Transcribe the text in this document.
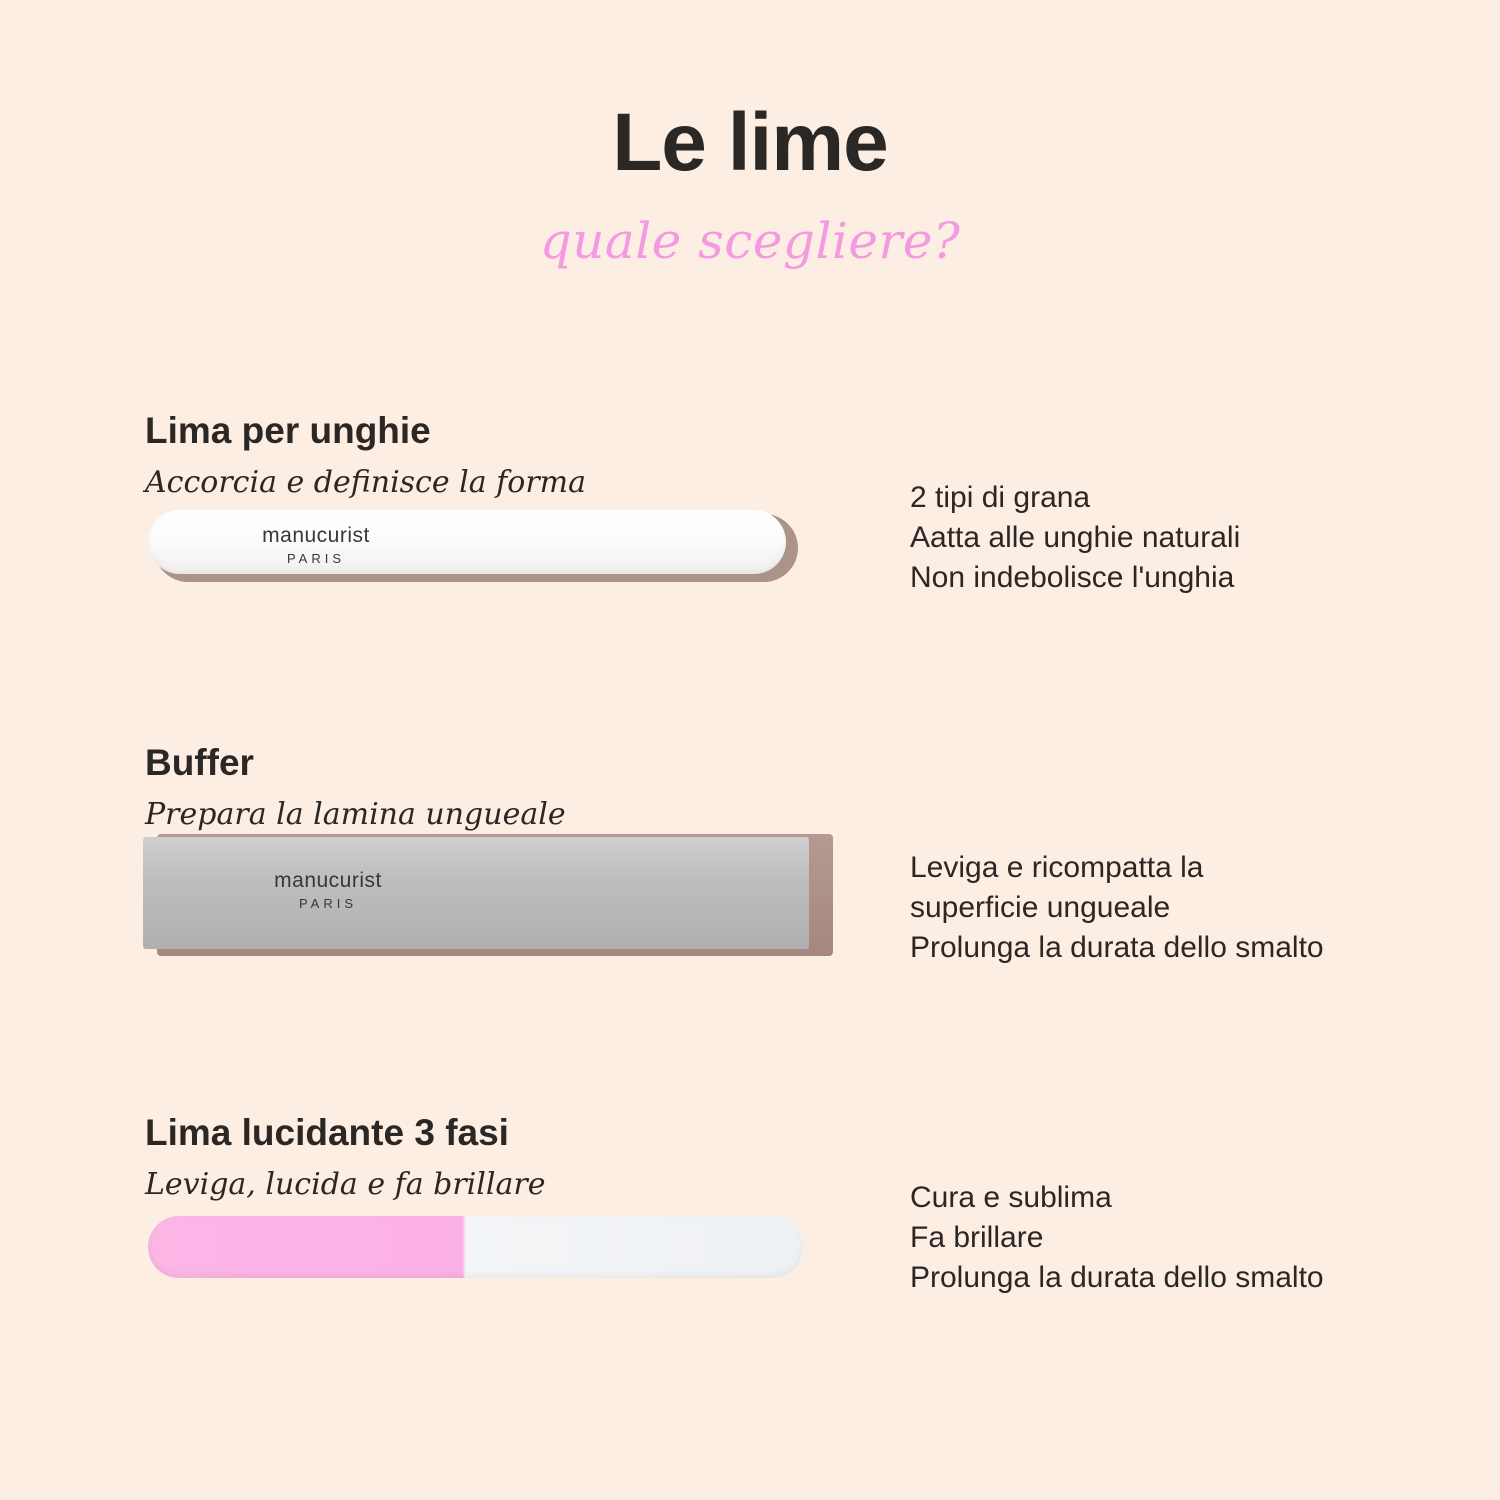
Le lime
quale scegliere?
Lima per unghie
Accorcia e definisce la forma
manucurist
PARIS
2 tipi di grana
Aatta alle unghie naturali
Non indebolisce l'unghia
Buffer
Prepara la lamina ungueale
manucurist
PARIS
Leviga e ricompatta la
superficie ungueale
Prolunga la durata dello smalto
Lima lucidante 3 fasi
Leviga, lucida e fa brillare	Cura e sublima
Fa brillare
Prolunga la durata dello smalto
